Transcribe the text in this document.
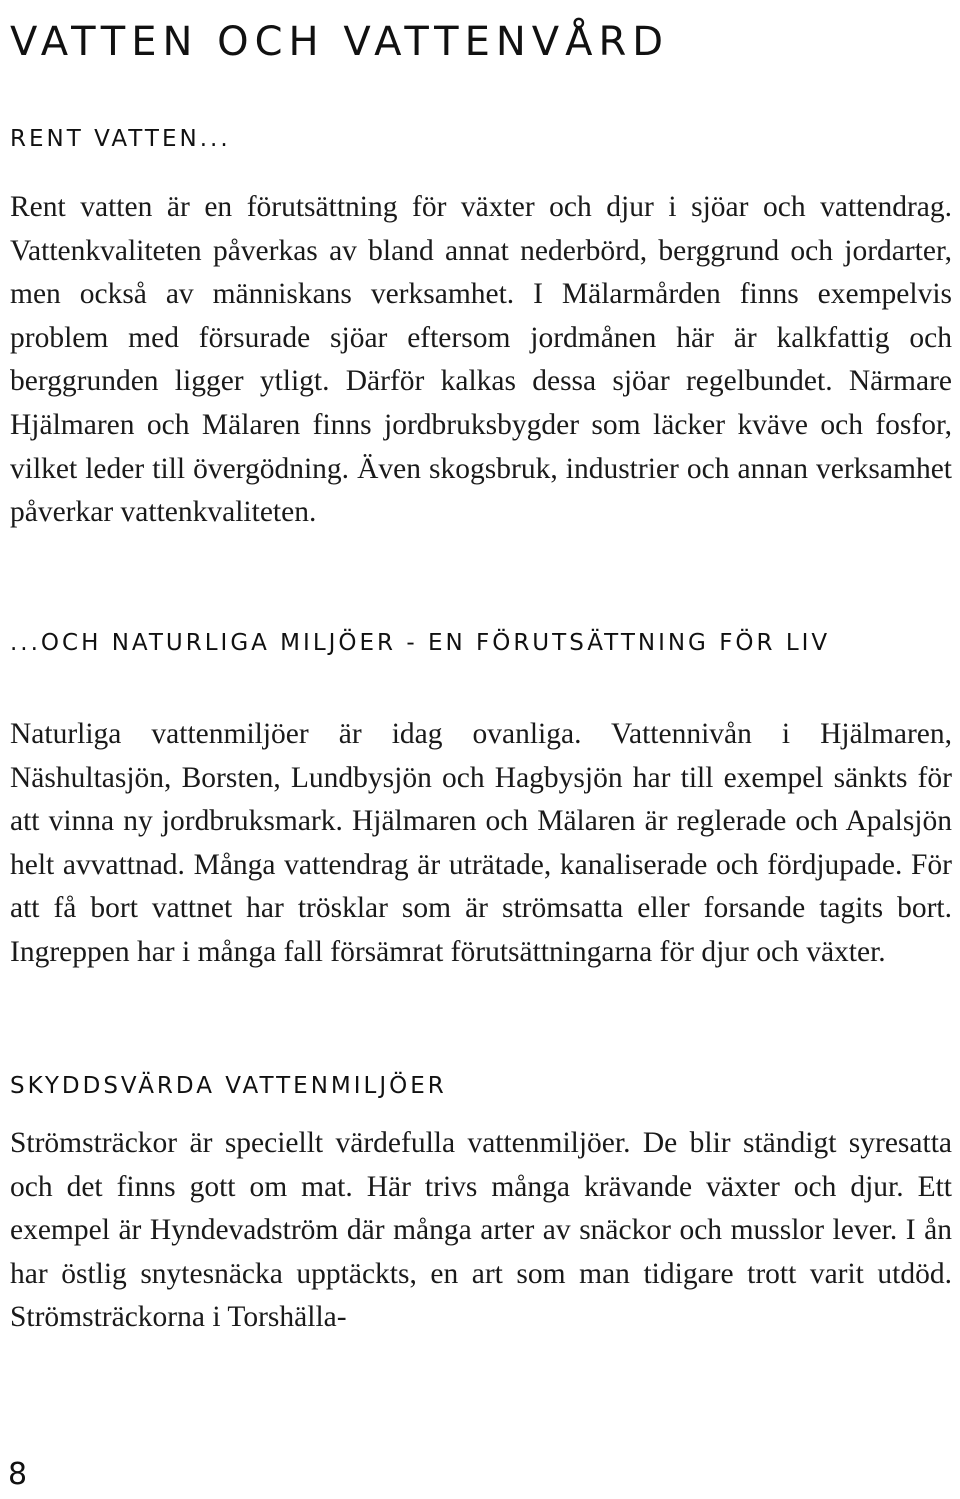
VATTEN OCH VATTENVÅRD
RENT VATTEN...

Rent vatten är en förutsättning för växter och djur i sjöar och vattendrag. Vattenkvaliteten påverkas av bland annat nederbörd, berggrund och jordarter, men också av människans verksamhet. I Mälarmården finns exempelvis problem med försurade sjöar eftersom jordmånen här är kalkfattig och berggrunden ligger ytligt. Därför kalkas dessa sjöar regelbundet. Närmare Hjälmaren och Mälaren finns jordbruksbygder som läcker kväve och fosfor, vilket leder till övergödning. Även skogsbruk, industrier och annan verksamhet påverkar vattenkvaliteten.

...OCH NATURLIGA MILJÖER - EN FÖRUTSÄTTNING FÖR LIV

Naturliga vattenmiljöer är idag ovanliga. Vattennivån i Hjälmaren, Näshultasjön, Borsten, Lundbysjön och Hagbysjön har till exempel sänkts för att vinna ny jordbruksmark. Hjälmaren och Mälaren är reglerade och Apalsjön helt avvattnad. Många vattendrag är uträtade, kanaliserade och fördjupade. För att få bort vattnet har trösklar som är strömsatta eller forsande tagits bort. Ingreppen har i många fall försämrat förutsättningarna för djur och växter.

SKYDDSVÄRDA VATTENMILJÖER

Strömsträckor är speciellt värdefulla vattenmiljöer. De blir ständigt syresatta och det finns gott om mat. Här trivs många krävande växter och djur. Ett exempel är Hyndevadström där många arter av snäckor och musslor lever. I ån har östlig snytesnäcka upptäckts, en art som man tidigare trott varit utdöd. Strömsträckorna i Torshälla-

8
